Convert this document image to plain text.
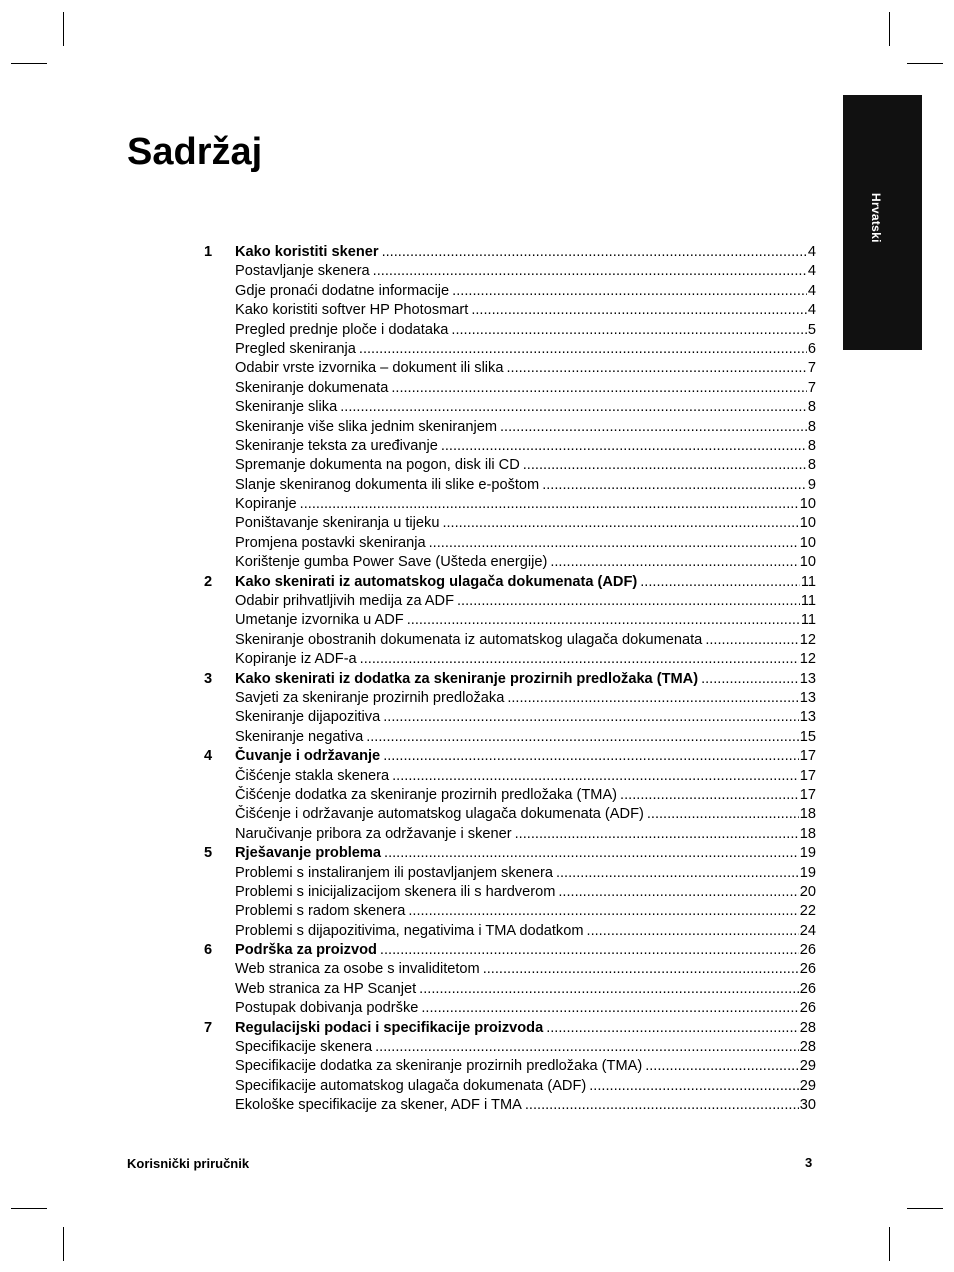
Hrvatski
Sadržaj
1	Kako koristiti skener .....	4
Postavljanje skenera .....	4
Gdje pronaći dodatne informacije .....	4
Kako koristiti softver HP Photosmart .....	4
Pregled prednje ploče i dodataka .....	5
Pregled skeniranja .....	6
Odabir vrste izvornika – dokument ili slika .....	7
Skeniranje dokumenata .....	7
Skeniranje slika .....	8
Skeniranje više slika jednim skeniranjem .....	8
Skeniranje teksta za uređivanje .....	8
Spremanje dokumenta na pogon, disk ili CD .....	8
Slanje skeniranog dokumenta ili slike e-poštom .....	9
Kopiranje .....	10
Poništavanje skeniranja u tijeku .....	10
Promjena postavki skeniranja .....	10
Korištenje gumba Power Save (Ušteda energije) .....	10
2	Kako skenirati iz automatskog ulagača dokumenata (ADF) .....	11
Odabir prihvatljivih medija za ADF .....	11
Umetanje izvornika u ADF .....	11
Skeniranje obostranih dokumenata iz automatskog ulagača dokumenata .....	12
Kopiranje iz ADF-a .....	12
3	Kako skenirati iz dodatka za skeniranje prozirnih predložaka (TMA) .....	13
Savjeti za skeniranje prozirnih predložaka .....	13
Skeniranje dijapozitiva .....	13
Skeniranje negativa .....	15
4	Čuvanje i održavanje .....	17
Čišćenje stakla skenera .....	17
Čišćenje dodatka za skeniranje prozirnih predložaka (TMA) .....	17
Čišćenje i održavanje automatskog ulagača dokumenata (ADF) .....	18
Naručivanje pribora za održavanje i skener .....	18
5	Rješavanje problema .....	19
Problemi s instaliranjem ili postavljanjem skenera .....	19
Problemi s inicijalizacijom skenera ili s hardverom .....	20
Problemi s radom skenera .....	22
Problemi s dijapozitivima, negativima i TMA dodatkom .....	24
6	Podrška za proizvod .....	26
Web stranica za osobe s invaliditetom .....	26
Web stranica za HP Scanjet .....	26
Postupak dobivanja podrške .....	26
7	Regulacijski podaci i specifikacije proizvoda .....	28
Specifikacije skenera .....	28
Specifikacije dodatka za skeniranje prozirnih predložaka (TMA) .....	29
Specifikacije automatskog ulagača dokumenata (ADF) .....	29
Ekološke specifikacije za skener, ADF i TMA .....	30
Korisnički priručnik	3
